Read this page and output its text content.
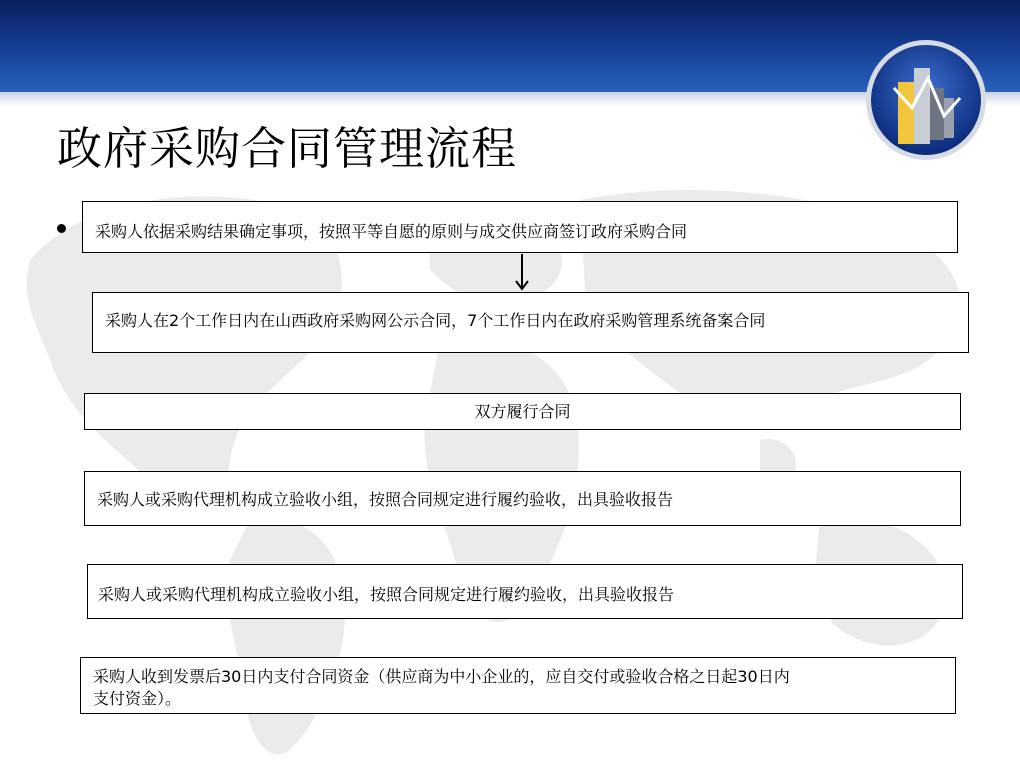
政府采购合同管理流程
采购人依据采购结果确定事项，按照平等自愿的原则与成交供应商签订政府采购合同
采购人在2个工作日内在山西政府采购网公示合同，7个工作日内在政府采购管理系统备案合同
双方履行合同
采购人或采购代理机构成立验收小组，按照合同规定进行履约验收，出具验收报告
采购人或采购代理机构成立验收小组，按照合同规定进行履约验收，出具验收报告
采购人收到发票后30日内支付合同资金（供应商为中小企业的，应自交付或验收合格之日起30日内
支付资金）。
